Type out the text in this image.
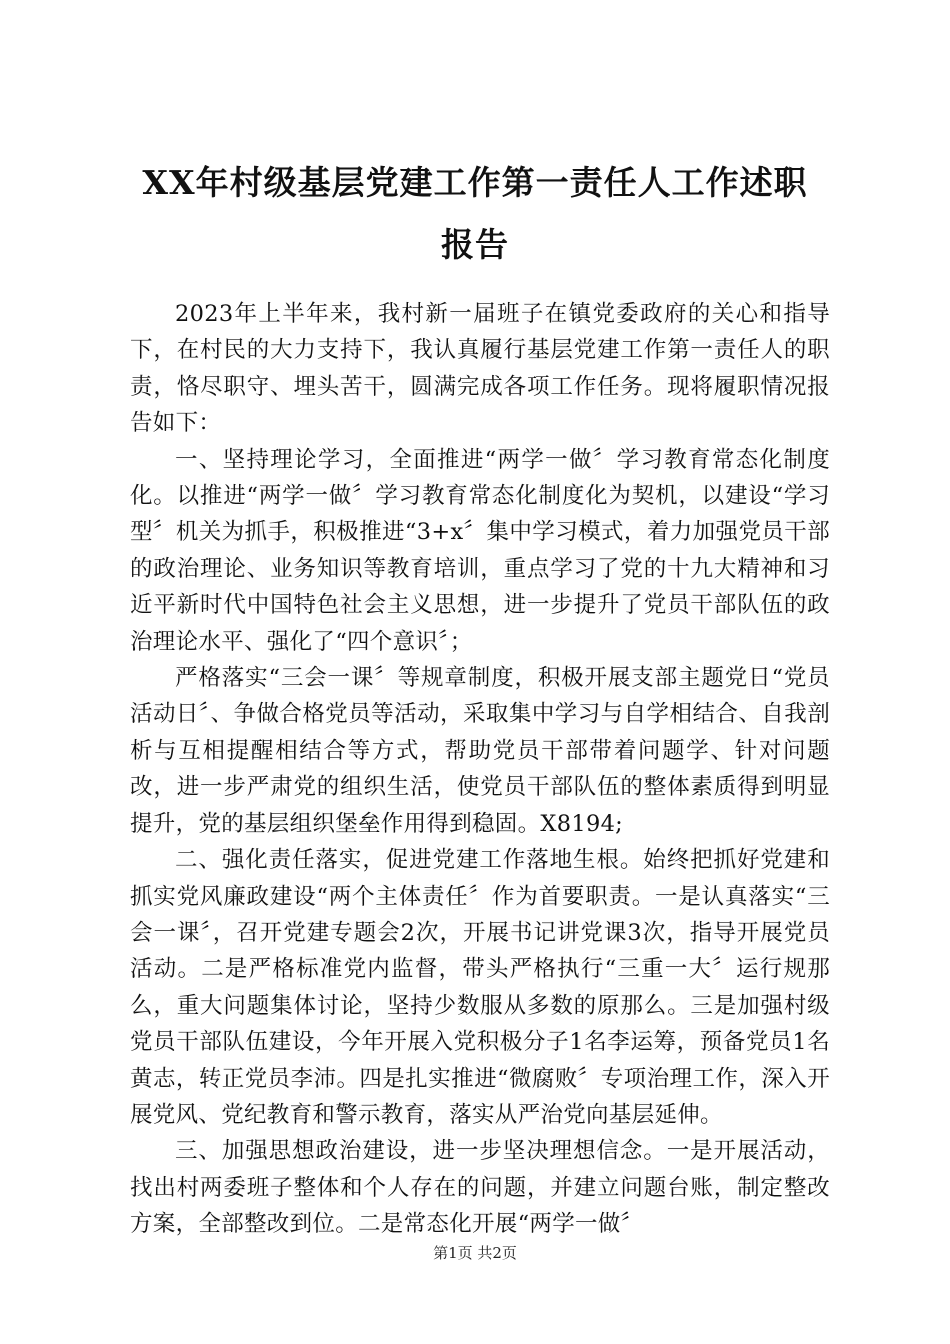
XX年村级基层党建工作第一责任人工作述职
报告

2023年上半年来，我村新一届班子在镇党委政府的关心和指导下，在村民的大力支持下，我认真履行基层党建工作第一责任人的职责，恪尽职守、埋头苦干，圆满完成各项工作任务。现将履职情况报告如下：

一、坚持理论学习，全面推进“两学一做〞学习教育常态化制度化。以推进“两学一做〞学习教育常态化制度化为契机，以建设“学习型〞机关为抓手，积极推进“3+x〞集中学习模式，着力加强党员干部的政治理论、业务知识等教育培训，重点学习了党的十九大精神和习近平新时代中国特色社会主义思想，进一步提升了党员干部队伍的政治理论水平、强化了“四个意识〞；

严格落实“三会一课〞等规章制度，积极开展支部主题党日“党员活动日〞、争做合格党员等活动，采取集中学习与自学相结合、自我剖析与互相提醒相结合等方式，帮助党员干部带着问题学、针对问题改，进一步严肃党的组织生活，使党员干部队伍的整体素质得到明显提升，党的基层组织堡垒作用得到稳固。X8194;

二、强化责任落实，促进党建工作落地生根。始终把抓好党建和抓实党风廉政建设“两个主体责任〞作为首要职责。一是认真落实“三会一课〞，召开党建专题会2次，开展书记讲党课3次，指导开展党员活动。二是严格标准党内监督，带头严格执行“三重一大〞运行规那么，重大问题集体讨论，坚持少数服从多数的原那么。三是加强村级党员干部队伍建设，今年开展入党积极分子1名李运筹，预备党员1名黄志，转正党员李沛。四是扎实推进“微腐败〞专项治理工作，深入开展党风、党纪教育和警示教育，落实从严治党向基层延伸。

三、加强思想政治建设，进一步坚决理想信念。一是开展活动，找出村两委班子整体和个人存在的问题，并建立问题台账，制定整改方案，全部整改到位。二是常态化开展“两学一做〞

第1页 共2页
